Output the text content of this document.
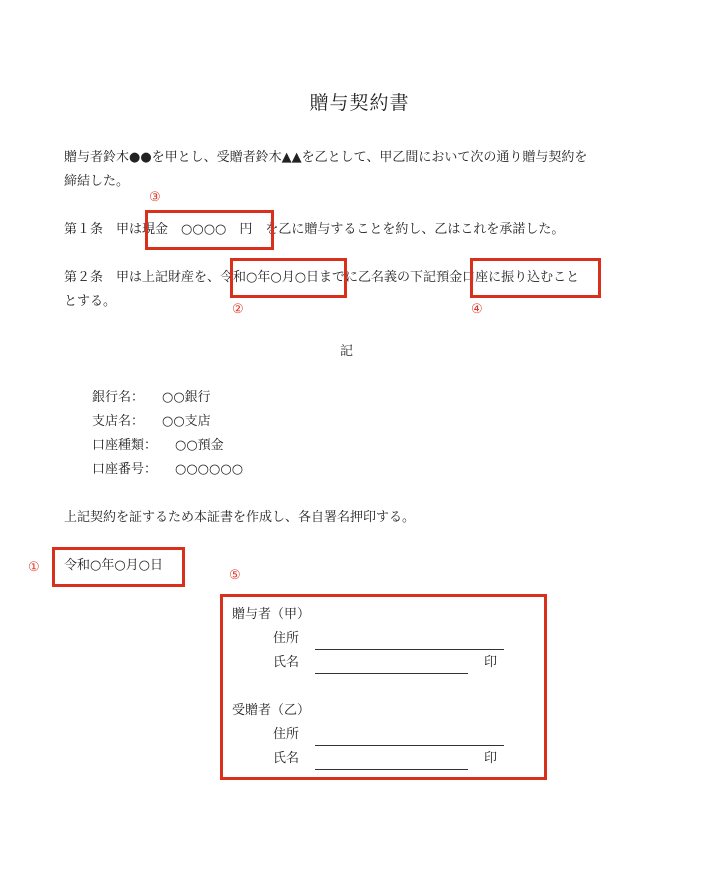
贈与契約書
贈与者鈴木●●を甲とし、受贈者鈴木▲▲を乙として、甲乙間において次の通り贈与契約を
締結した。
③
第１条　甲は現金　○○○○　円　を乙に贈与することを約し、乙はこれを承諾した。
第２条　甲は上記財産を、令和○年○月○日までに乙名義の下記預金口座に振り込むこと
とする。
②	④
記
銀行名： ○○銀行
支店名： ○○支店
口座種類： ○○預金
口座番号： ○○○○○○
上記契約を証するため本証書を作成し、各自署名押印する。
① 令和○年○月○日
⑤
贈与者（甲）
住所
氏名	印
受贈者（乙）
住所
氏名	印
